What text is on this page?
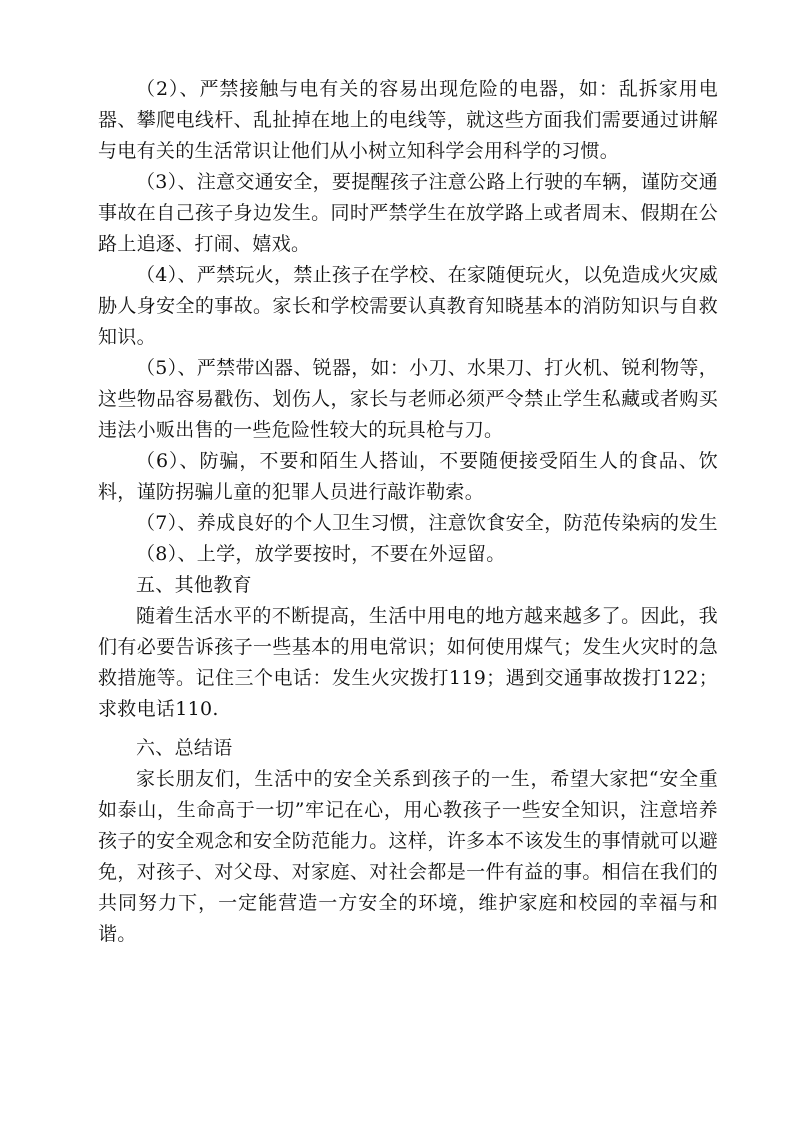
（2）、严禁接触与电有关的容易出现危险的电器，如：乱拆家用电器、攀爬电线杆、乱扯掉在地上的电线等，就这些方面我们需要通过讲解与电有关的生活常识让他们从小树立知科学会用科学的习惯。

（3）、注意交通安全，要提醒孩子注意公路上行驶的车辆，谨防交通事故在自己孩子身边发生。同时严禁学生在放学路上或者周末、假期在公路上追逐、打闹、嬉戏。

（4）、严禁玩火，禁止孩子在学校、在家随便玩火，以免造成火灾威胁人身安全的事故。家长和学校需要认真教育知晓基本的消防知识与自救知识。

（5）、严禁带凶器、锐器，如：小刀、水果刀、打火机、锐利物等，这些物品容易戳伤、划伤人，家长与老师必须严令禁止学生私藏或者购买违法小贩出售的一些危险性较大的玩具枪与刀。

（6）、防骗，不要和陌生人搭讪，不要随便接受陌生人的食品、饮料，谨防拐骗儿童的犯罪人员进行敲诈勒索。

（7）、养成良好的个人卫生习惯，注意饮食安全，防范传染病的发生

（8）、上学，放学要按时，不要在外逗留。

五、其他教育

随着生活水平的不断提高，生活中用电的地方越来越多了。因此，我们有必要告诉孩子一些基本的用电常识；如何使用煤气；发生火灾时的急救措施等。记住三个电话：发生火灾拨打119；遇到交通事故拨打122；求救电话110.

六、总结语

家长朋友们，生活中的安全关系到孩子的一生，希望大家把“安全重如泰山，生命高于一切”牢记在心，用心教孩子一些安全知识，注意培养孩子的安全观念和安全防范能力。这样，许多本不该发生的事情就可以避免，对孩子、对父母、对家庭、对社会都是一件有益的事。相信在我们的共同努力下，一定能营造一方安全的环境，维护家庭和校园的幸福与和谐。
